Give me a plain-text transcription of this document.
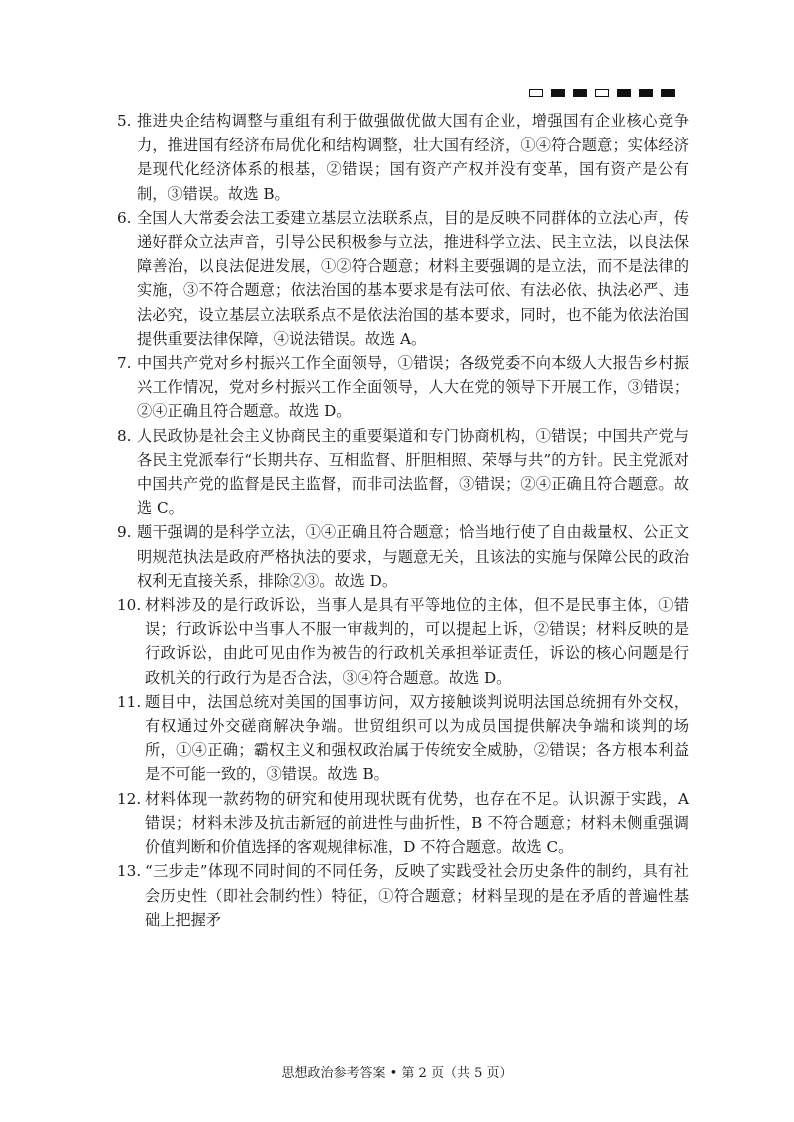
5. 推进央企结构调整与重组有利于做强做优做大国有企业，增强国有企业核心竞争力，推进国有经济布局优化和结构调整，壮大国有经济，①④符合题意；实体经济是现代化经济体系的根基，②错误；国有资产产权并没有变革，国有资产是公有制，③错误。故选 B。
6. 全国人大常委会法工委建立基层立法联系点，目的是反映不同群体的立法心声，传递好群众立法声音，引导公民积极参与立法，推进科学立法、民主立法，以良法保障善治，以良法促进发展，①②符合题意；材料主要强调的是立法，而不是法律的实施，③不符合题意；依法治国的基本要求是有法可依、有法必依、执法必严、违法必究，设立基层立法联系点不是依法治国的基本要求，同时，也不能为依法治国提供重要法律保障，④说法错误。故选 A。
7. 中国共产党对乡村振兴工作全面领导，①错误；各级党委不向本级人大报告乡村振兴工作情况，党对乡村振兴工作全面领导，人大在党的领导下开展工作，③错误；②④正确且符合题意。故选 D。
8. 人民政协是社会主义协商民主的重要渠道和专门协商机构，①错误；中国共产党与各民主党派奉行“长期共存、互相监督、肝胆相照、荣辱与共”的方针。民主党派对中国共产党的监督是民主监督，而非司法监督，③错误；②④正确且符合题意。故选 C。
9. 题干强调的是科学立法，①④正确且符合题意；恰当地行使了自由裁量权、公正文明规范执法是政府严格执法的要求，与题意无关，且该法的实施与保障公民的政治权利无直接关系，排除②③。故选 D。
10. 材料涉及的是行政诉讼，当事人是具有平等地位的主体，但不是民事主体，①错误；行政诉讼中当事人不服一审裁判的，可以提起上诉，②错误；材料反映的是行政诉讼，由此可见由作为被告的行政机关承担举证责任，诉讼的核心问题是行政机关的行政行为是否合法，③④符合题意。故选 D。
11. 题目中，法国总统对美国的国事访问，双方接触谈判说明法国总统拥有外交权，有权通过外交磋商解决争端。世贸组织可以为成员国提供解决争端和谈判的场所，①④正确；霸权主义和强权政治属于传统安全威胁，②错误；各方根本利益是不可能一致的，③错误。故选 B。
12. 材料体现一款药物的研究和使用现状既有优势，也存在不足。认识源于实践，A 错误；材料未涉及抗击新冠的前进性与曲折性，B 不符合题意；材料未侧重强调价值判断和价值选择的客观规律标准，D 不符合题意。故选 C。
13. “三步走”体现不同时间的不同任务，反映了实践受社会历史条件的制约，具有社会历史性（即社会制约性）特征，①符合题意；材料呈现的是在矛盾的普遍性基础上把握矛
思想政治参考答案 • 第 2 页（共 5 页）
